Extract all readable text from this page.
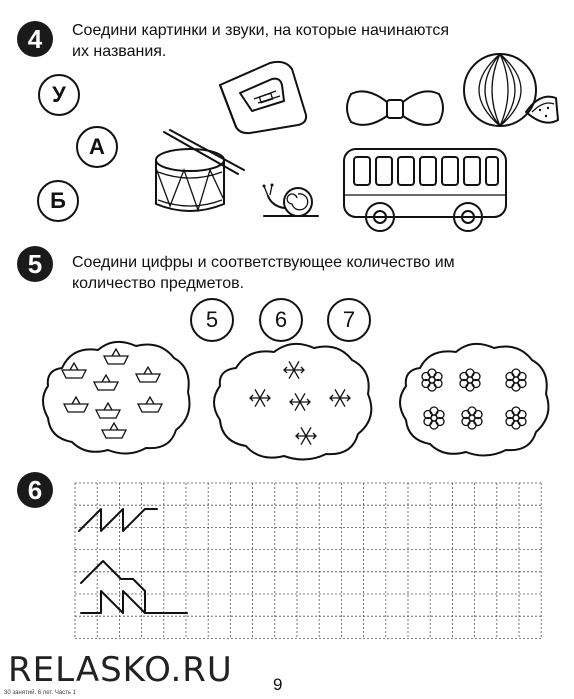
4	Соедини картинки и звуки, на которые начинаются
их названия.
У
А
Б
5	Соедини цифры и соответствующее количество им
количество предметов.
5	6	7
6
RELASKO.RU 9
30 занятий. 6 лет. Часть 1
